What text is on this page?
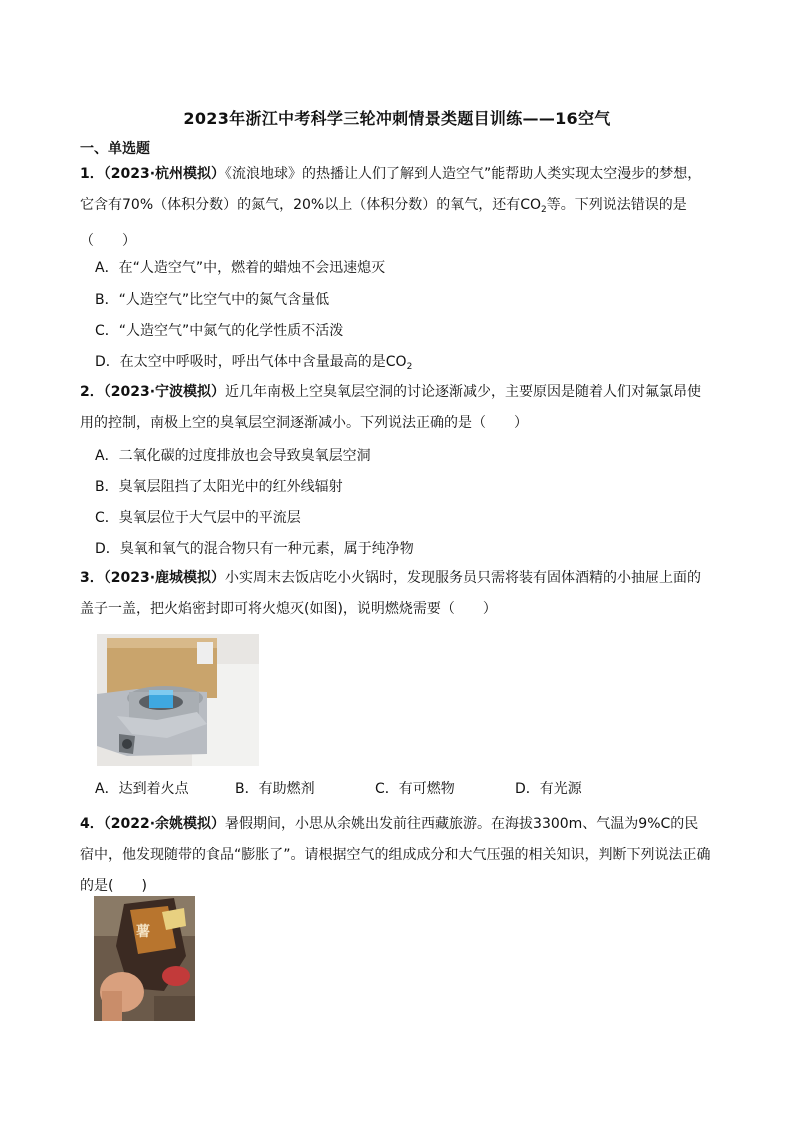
2023年浙江中考科学三轮冲刺情景类题目训练——16空气
一、单选题
1．（2023·杭州模拟）《流浪地球》的热播让人们了解到人造空气”能帮助人类实现太空漫步的梦想，它含有70%（体积分数）的氮气，20%以上（体积分数）的氧气，还有$CO_2$等。下列说法错误的是（　　）
A．在“人造空气”中，燃着的蜡烛不会迅速熄灭
B．“人造空气”比空气中的氮气含量低
C．“人造空气”中氮气的化学性质不活泼
D．在太空中呼吸时，呼出气体中含量最高的是$CO_2$
2．（2023·宁波模拟）近几年南极上空臭氧层空洞的讨论逐渐减少，主要原因是随着人们对氟氯昂使用的控制，南极上空的臭氧层空洞逐渐减小。下列说法正确的是（　　）
A．二氧化碳的过度排放也会导致臭氧层空洞
B．臭氧层阻挡了太阳光中的红外线辐射
C．臭氧层位于大气层中的平流层
D．臭氧和氧气的混合物只有一种元素，属于纯净物
3．（2023·鹿城模拟）小实周末去饭店吃小火锅时，发现服务员只需将装有固体酒精的小抽屉上面的盖子一盖，把火焰密封即可将火熄灭(如图)，说明燃烧需要（　　）
A．达到着火点	B．有助燃剂	C．有可燃物	D．有光源
4．（2022·余姚模拟）暑假期间，小思从余姚出发前往西藏旅游。在海拔3300m、气温为9%C的民宿中，他发现随带的食品“膨胀了”。请根据空气的组成成分和大气压强的相关知识，判断下列说法正确的是(　　)
薯
